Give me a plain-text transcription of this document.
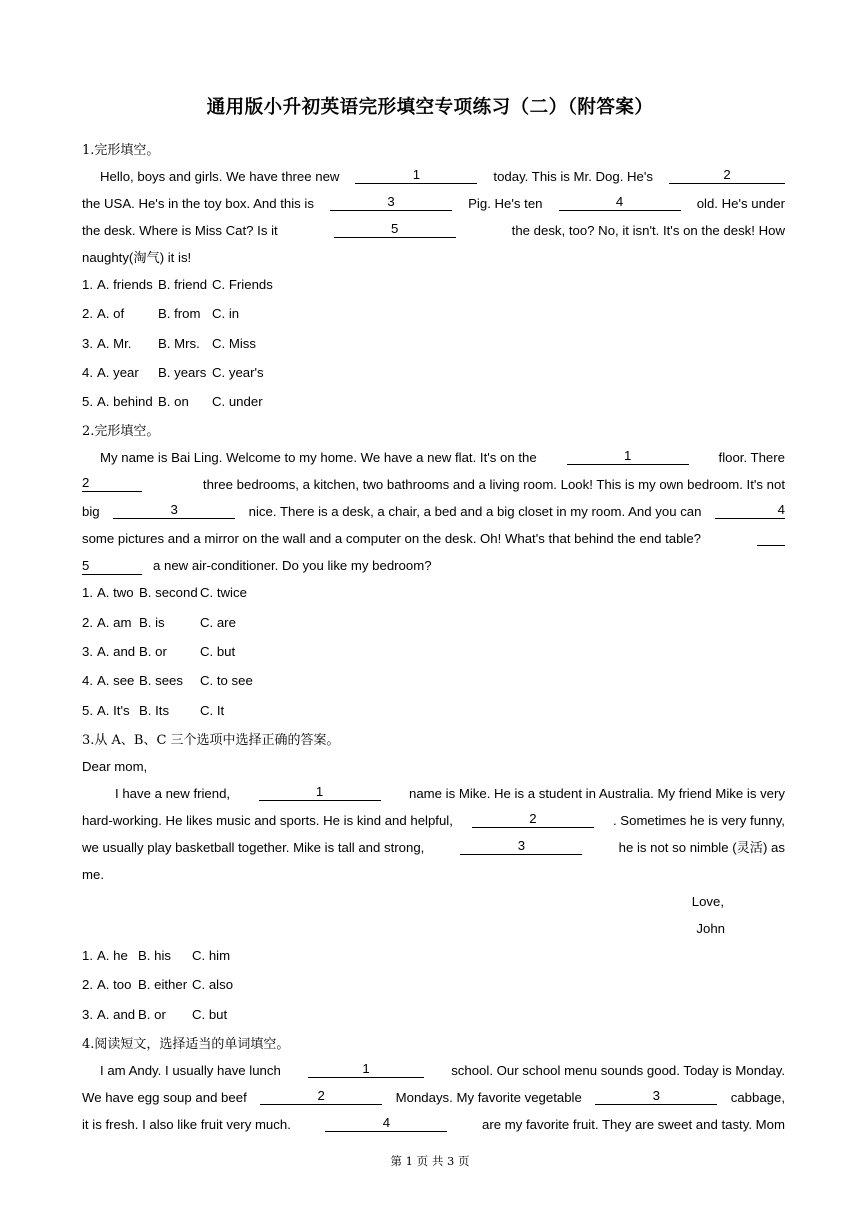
通用版小升初英语完形填空专项练习（二）（附答案）
1.完形填空。
Hello, boys and girls. We have three new	1	today. This is Mr. Dog. He's	2
the USA. He's in the toy box. And this is	3	Pig. He's ten	4	old. He's under
the desk. Where is Miss Cat? Is it	5	the desk, too? No, it isn't. It's on the desk! How
naughty(淘气) it is!
1. A. friends B. friend C. Friends
2. A. of	B. from C. in
3. A. Mr. B. Mrs. C. Miss
4. A. year B. years C. year's
5. A. behind B. on C. under
2.完形填空。
My name is Bai Ling. Welcome to my home. We have a new flat. It's on the	1	floor. There
2	three bedrooms, a kitchen, two bathrooms and a living room. Look! This is my own bedroom. It's not
big	3	nice. There is a desk, a chair, a bed and a big closet in my room. And you can	4
some pictures and a mirror on the wall and a computer on the desk. Oh! What's that behind the end table?
5	a new air-conditioner. Do you like my bedroom?
1. A. two B. second C. twice
2. A. am B. is	C. are
3. A. and B. or	C. but
4. A. see B. sees C. to see
5. A. It's B. Its C. It
3.从 A、B、C 三个选项中选择正确的答案。
Dear mom,
I have a new friend,	1	name is Mike. He is a student in Australia. My friend Mike is very
hard-working. He likes music and sports. He is kind and helpful,	2	. Sometimes he is very funny,
we usually play basketball together. Mike is tall and strong,	3	he is not so nimble (灵活) as
me.
Love,
John
1. A. he B. his C. him
2. A. too B. either C. also
3. A. and B. or C. but
4.阅读短文，选择适当的单词填空。
I am Andy. I usually have lunch	1	school. Our school menu sounds good. Today is Monday.
We have egg soup and beef	2	Mondays. My favorite vegetable	3	cabbage,
it is fresh. I also like fruit very much.	4	are my favorite fruit. They are sweet and tasty. Mom
第 1 页 共 3 页
